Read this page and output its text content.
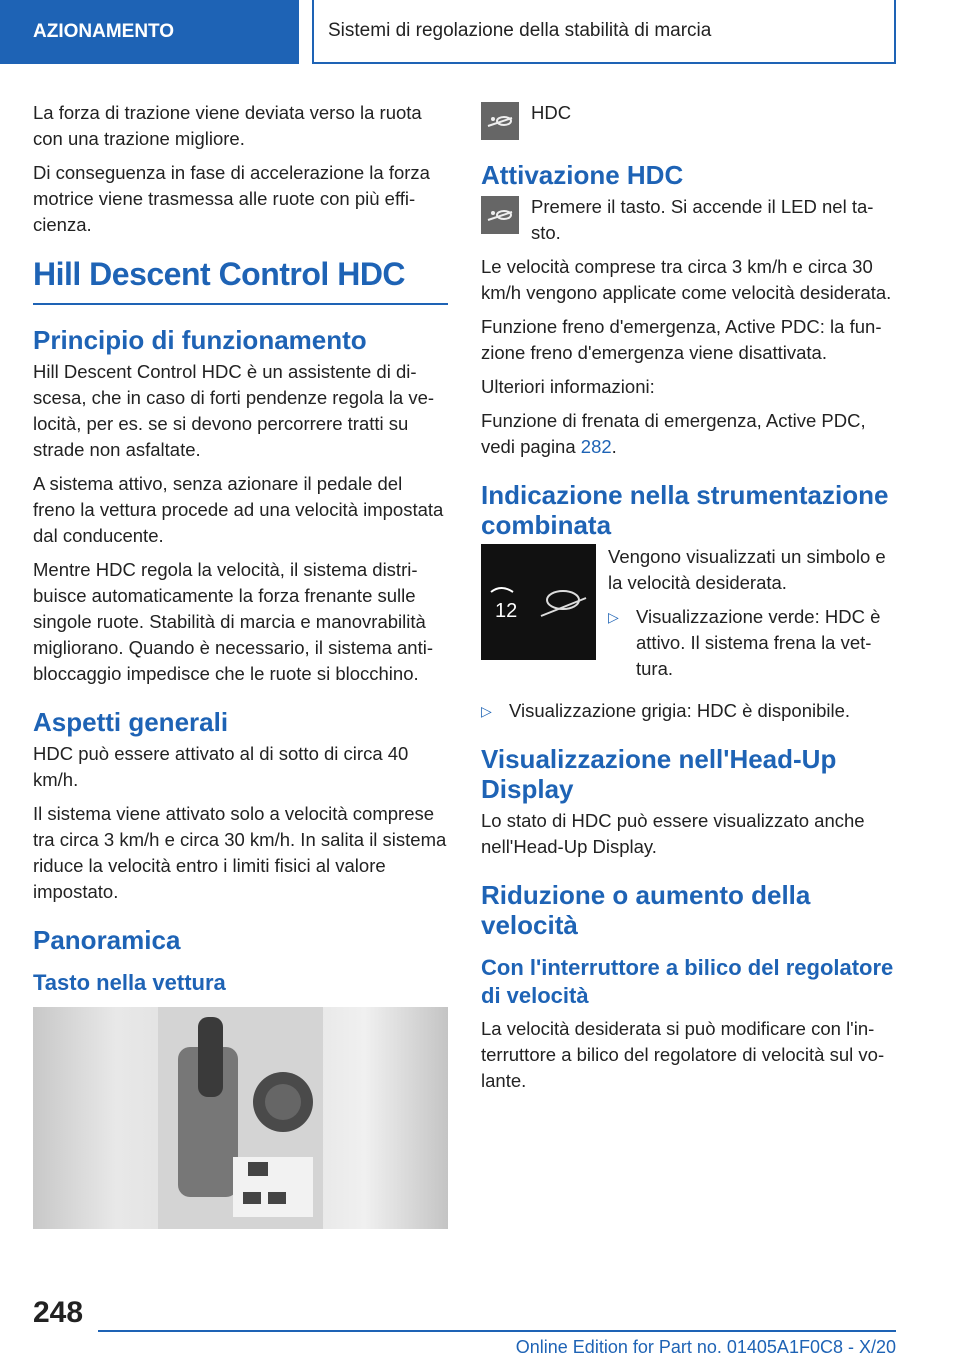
AZIONAMENTO	Sistemi di regolazione della stabilità di marcia

La forza di trazione viene deviata verso la ruota con una trazione migliore.

Di conseguenza in fase di accelerazione la forza motrice viene trasmessa alle ruote con più efficienza.

Hill Descent Control HDC
Principio di funzionamento

Hill Descent Control HDC è un assistente di discesa, che in caso di forti pendenze regola la velocità, per es. se si devono percorrere tratti su strade non asfaltate.

A sistema attivo, senza azionare il pedale del freno la vettura procede ad una velocità impostata dal conducente.

Mentre HDC regola la velocità, il sistema distribuisce automaticamente la forza frenante sulle singole ruote. Stabilità di marcia e manovrabilità migliorano. Quando è necessario, il sistema antibloccaggio impedisce che le ruote si blocchino.

Aspetti generali

HDC può essere attivato al di sotto di circa 40 km/h.

Il sistema viene attivato solo a velocità comprese tra circa 3 km/h e circa 30 km/h. In salita il sistema riduce la velocità entro i limiti fisici al valore impostato.

Panoramica
Tasto nella vettura
HDC
Attivazione HDC
Premere il tasto. Si accende il LED nel tasto.

Le velocità comprese tra circa 3 km/h e circa 30 km/h vengono applicate come velocità desiderata.

Funzione freno d'emergenza, Active PDC: la funzione freno d'emergenza viene disattivata.

Ulteriori informazioni:

Funzione di frenata di emergenza, Active PDC, vedi pagina 282.

Indicazione nella strumentazione combinata
12

Vengono visualizzati un simbolo e la velocità desiderata.

▷ Visualizzazione verde: HDC è attivo. Il sistema frena la vettura.
▷ Visualizzazione grigia: HDC è disponibile.
Visualizzazione nell'Head-Up Display

Lo stato di HDC può essere visualizzato anche nell'Head-Up Display.

Riduzione o aumento della velocità
Con l'interruttore a bilico del regolatore di velocità

La velocità desiderata si può modificare con l'interruttore a bilico del regolatore di velocità sul volante.

248
Online Edition for Part no. 01405A1F0C8 - X/20
